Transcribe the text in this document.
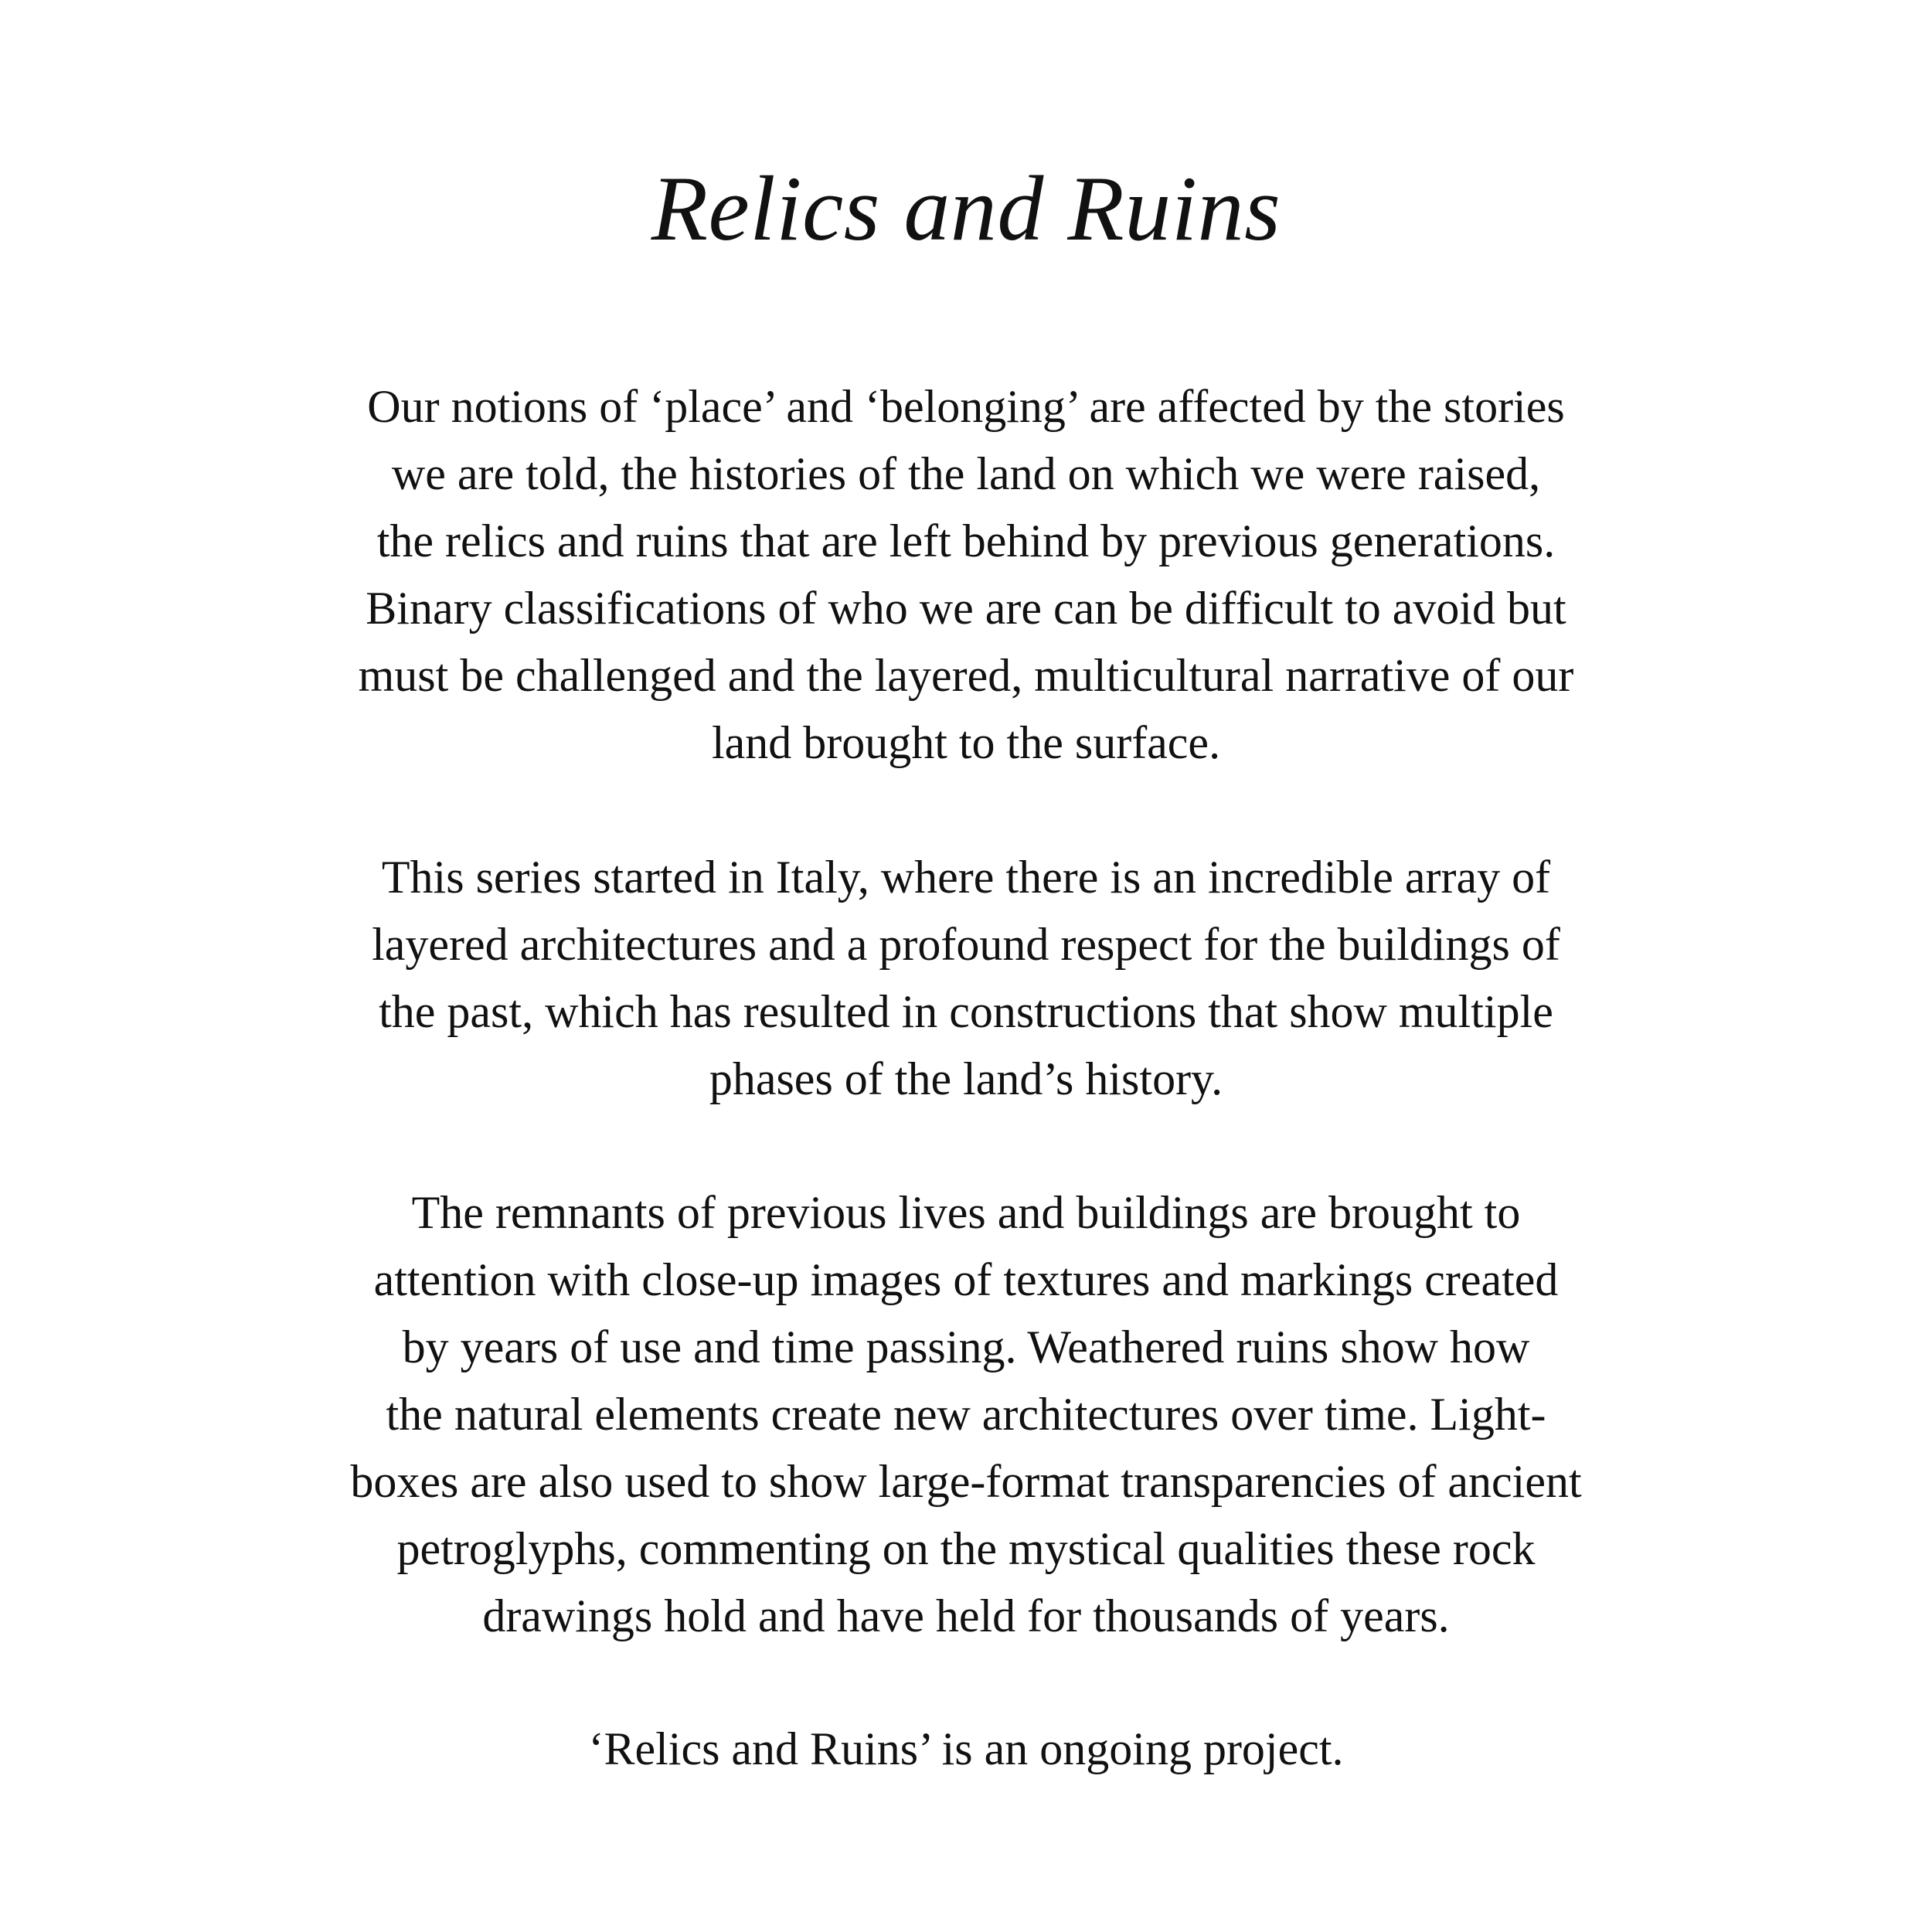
Relics and Ruins

Our notions of ‘place’ and ‘belonging’ are affected by the stories
we are told, the histories of the land on which we were raised,
the relics and ruins that are left behind by previous generations.
Binary classifications of who we are can be difficult to avoid but
must be challenged and the layered, multicultural narrative of our
land brought to the surface.

This series started in Italy, where there is an incredible array of
layered architectures and a profound respect for the buildings of
the past, which has resulted in constructions that show multiple
phases of the land’s history.

The remnants of previous lives and buildings are brought to
attention with close-up images of textures and markings created
by years of use and time passing. Weathered ruins show how
the natural elements create new architectures over time. Light-
boxes are also used to show large-format transparencies of ancient
petroglyphs, commenting on the mystical qualities these rock
drawings hold and have held for thousands of years.

‘Relics and Ruins’ is an ongoing project.
